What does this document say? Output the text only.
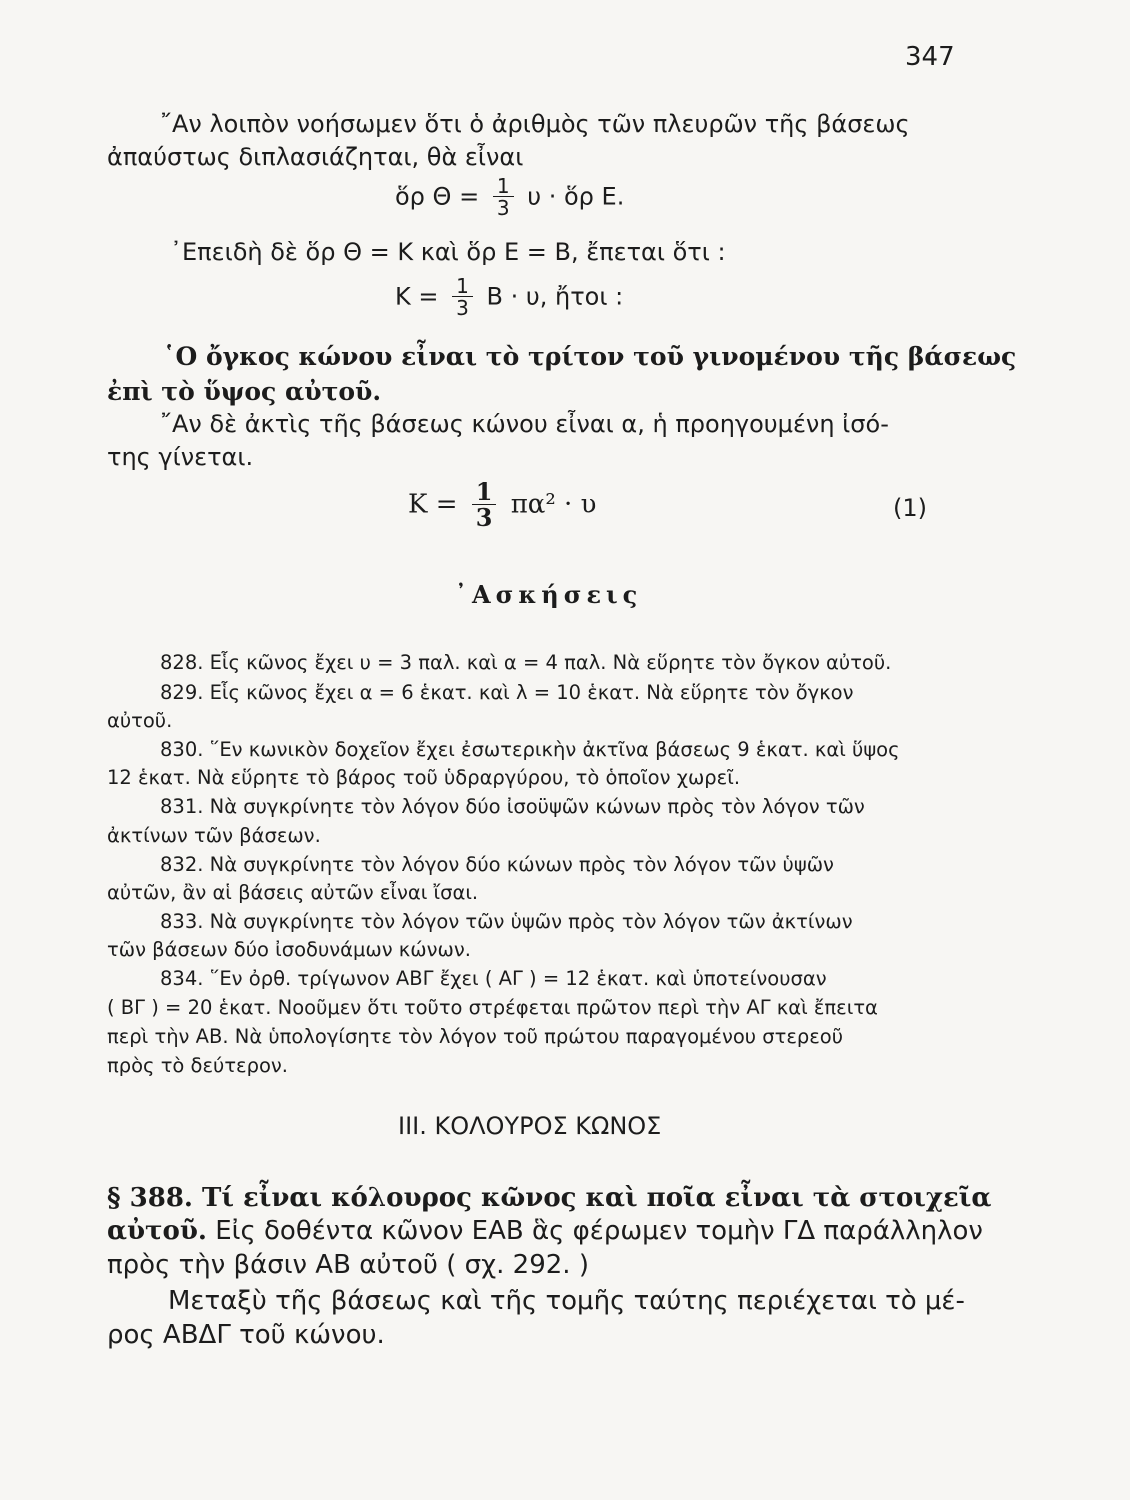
347
῎Αν λοιπὸν νοήσωμεν ὅτι ὁ ἀριθμὸς τῶν πλευρῶν τῆς βάσεως
ἀπαύστως διπλασιάζηται, θὰ εἶναι
ὅρ $\Theta = \frac{1}{3}$ υ · ὅρ Ε.
᾿Επειδὴ δὲ ὅρ Θ = Κ καὶ ὅρ Ε = Β, ἔπεται ὅτι :
$K = \frac{1}{3}$ Β · υ, ἤτοι :
῾Ο ὄγκος κώνου εἶναι τὸ τρίτον τοῦ γινομένου τῆς βάσεως
ἐπὶ τὸ ὕψος αὐτοῦ.
῎Αν δὲ ἀκτὶς τῆς βάσεως κώνου εἶναι α, ἡ προηγουμένη ἰσό-
της γίνεται.
$K = \frac{1}{3} \pi\alpha^2 \cdot \upsilon$	(1)
᾿Ασκήσεις
828. Εἷς κῶνος ἔχει υ = 3 παλ. καὶ α = 4 παλ. Νὰ εὕρητε τὸν ὄγκον αὐτοῦ.
829. Εἷς κῶνος ἔχει α = 6 ἑκατ. καὶ λ = 10 ἑκατ. Νὰ εὕρητε τὸν ὄγκον
αὐτοῦ.
830. ῞Εν κωνικὸν δοχεῖον ἔχει ἐσωτερικὴν ἀκτῖνα βάσεως 9 ἑκατ. καὶ ὕψος
12 ἑκατ. Νὰ εὕρητε τὸ βάρος τοῦ ὑδραργύρου, τὸ ὁποῖον χωρεῖ.
831. Νὰ συγκρίνητε τὸν λόγον δύο ἰσοϋψῶν κώνων πρὸς τὸν λόγον τῶν
ἀκτίνων τῶν βάσεων.
832. Νὰ συγκρίνητε τὸν λόγον δύο κώνων πρὸς τὸν λόγον τῶν ὑψῶν
αὐτῶν, ἂν αἱ βάσεις αὐτῶν εἶναι ἴσαι.
833. Νὰ συγκρίνητε τὸν λόγον τῶν ὑψῶν πρὸς τὸν λόγον τῶν ἀκτίνων
τῶν βάσεων δύο ἰσοδυνάμων κώνων.
834. ῞Εν ὀρθ. τρίγωνον ΑΒΓ ἔχει ( ΑΓ ) = 12 ἑκατ. καὶ ὑποτείνουσαν
( ΒΓ ) = 20 ἑκατ. Νοοῦμεν ὅτι τοῦτο στρέφεται πρῶτον περὶ τὴν ΑΓ καὶ ἔπειτα
περὶ τὴν ΑΒ. Νὰ ὑπολογίσητε τὸν λόγον τοῦ πρώτου παραγομένου στερεοῦ
πρὸς τὸ δεύτερον.
ΙΙΙ. ΚΟΛΟΥΡΟΣ ΚΩΝΟΣ
§ 388. Τί εἶναι κόλουρος κῶνος καὶ ποῖα εἶναι τὰ στοιχεῖα
αὐτοῦ. Εἰς δοθέντα κῶνον ΕΑΒ ἃς φέρωμεν τομὴν ΓΔ παράλληλον
πρὸς τὴν βάσιν ΑΒ αὐτοῦ ( σχ. 292. )
Μεταξὺ τῆς βάσεως καὶ τῆς τομῆς ταύτης περιέχεται τὸ μέ-
ρος ΑΒΔΓ τοῦ κώνου.
